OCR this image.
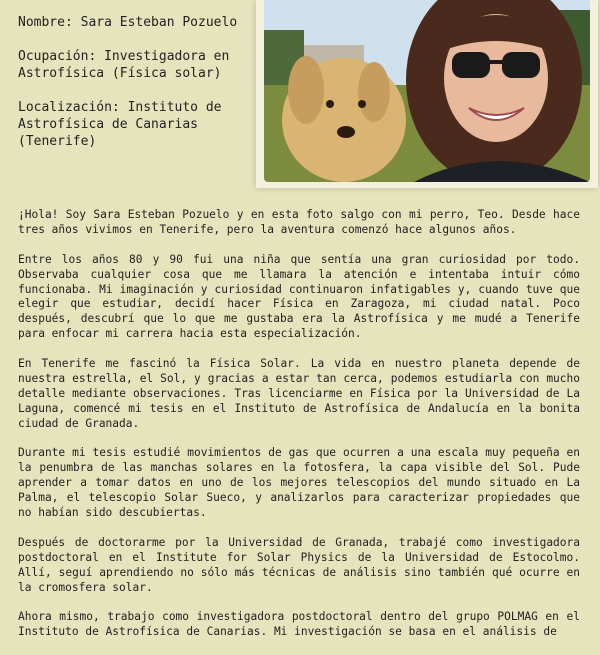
Nombre: Sara Esteban Pozuelo

Ocupación: Investigadora en Astrofísica (Física solar)

Localización: Instituto de Astrofísica de Canarias (Tenerife)

¡Hola! Soy Sara Esteban Pozuelo y en esta foto salgo con mi perro, Teo. Desde hace tres años vivimos en Tenerife, pero la aventura comenzó hace algunos años.

Entre los años 80 y 90 fui una niña que sentía una gran curiosidad por todo. Observaba cualquier cosa que me llamara la atención e intentaba intuir cómo funcionaba. Mi imaginación y curiosidad continuaron infatigables y, cuando tuve que elegir que estudiar, decidí hacer Física en Zaragoza, mi ciudad natal. Poco después, descubrí que lo que me gustaba era la Astrofísica y me mudé a Tenerife para enfocar mi carrera hacia esta especialización.

En Tenerife me fascinó la Física Solar. La vida en nuestro planeta depende de nuestra estrella, el Sol, y gracias a estar tan cerca, podemos estudiarla con mucho detalle mediante observaciones. Tras licenciarme en Física por la Universidad de La Laguna, comencé mi tesis en el Instituto de Astrofísica de Andalucía en la bonita ciudad de Granada.

Durante mi tesis estudié movimientos de gas que ocurren a una escala muy pequeña en la penumbra de las manchas solares en la fotosfera, la capa visible del Sol. Pude aprender a tomar datos en uno de los mejores telescopios del mundo situado en La Palma, el telescopio Solar Sueco, y analizarlos para caracterizar propiedades que no habían sido descubiertas.

Después de doctorarme por la Universidad de Granada, trabajé como investigadora postdoctoral en el Institute for Solar Physics de la Universidad de Estocolmo. Allí, seguí aprendiendo no sólo más técnicas de análisis sino también qué ocurre en la cromosfera solar.

Ahora mismo, trabajo como investigadora postdoctoral dentro del grupo POLMAG en el Instituto de Astrofísica de Canarias. Mi investigación se basa en el análisis de
